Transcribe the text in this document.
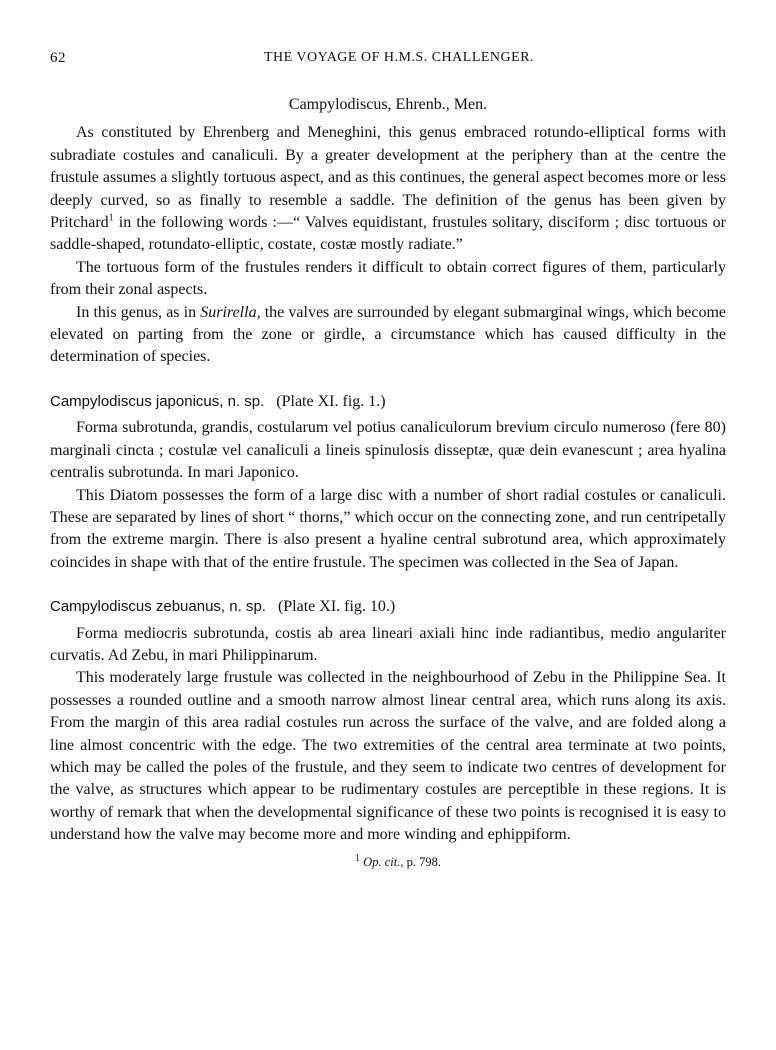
62	THE VOYAGE OF H.M.S. CHALLENGER.
Campylodiscus, Ehrenb., Men.

As constituted by Ehrenberg and Meneghini, this genus embraced rotundo-elliptical forms with subradiate costules and canaliculi. By a greater development at the periphery than at the centre the frustule assumes a slightly tortuous aspect, and as this continues, the general aspect becomes more or less deeply curved, so as finally to resemble a saddle. The definition of the genus has been given by Pritchard$^1$ in the following words :—“ Valves equidistant, frustules solitary, disciform ; disc tortuous or saddle-shaped, rotundato-elliptic, costate, costæ mostly radiate.”

The tortuous form of the frustules renders it difficult to obtain correct figures of them, particularly from their zonal aspects.

In this genus, as in Surirella, the valves are surrounded by elegant submarginal wings, which become elevated on parting from the zone or girdle, a circumstance which has caused difficulty in the determination of species.

Campylodiscus japonicus, n. sp. (Plate XI. fig. 1.)

Forma subrotunda, grandis, costularum vel potius canaliculorum brevium circulo numeroso (fere 80) marginali cincta ; costulæ vel canaliculi a lineis spinulosis disseptæ, quæ dein evanescunt ; area hyalina centralis subrotunda. In mari Japonico.

This Diatom possesses the form of a large disc with a number of short radial costules or canaliculi. These are separated by lines of short “ thorns,” which occur on the connecting zone, and run centripetally from the extreme margin. There is also present a hyaline central subrotund area, which approximately coincides in shape with that of the entire frustule. The specimen was collected in the Sea of Japan.

Campylodiscus zebuanus, n. sp. (Plate XI. fig. 10.)

Forma mediocris subrotunda, costis ab area lineari axiali hinc inde radiantibus, medio angulariter curvatis. Ad Zebu, in mari Philippinarum.

This moderately large frustule was collected in the neighbourhood of Zebu in the Philippine Sea. It possesses a rounded outline and a smooth narrow almost linear central area, which runs along its axis. From the margin of this area radial costules run across the surface of the valve, and are folded along a line almost concentric with the edge. The two extremities of the central area terminate at two points, which may be called the poles of the frustule, and they seem to indicate two centres of development for the valve, as structures which appear to be rudimentary costules are perceptible in these regions. It is worthy of remark that when the developmental significance of these two points is recognised it is easy to understand how the valve may become more and more winding and ephippiform.

$^1$ Op. cit., p. 798.
